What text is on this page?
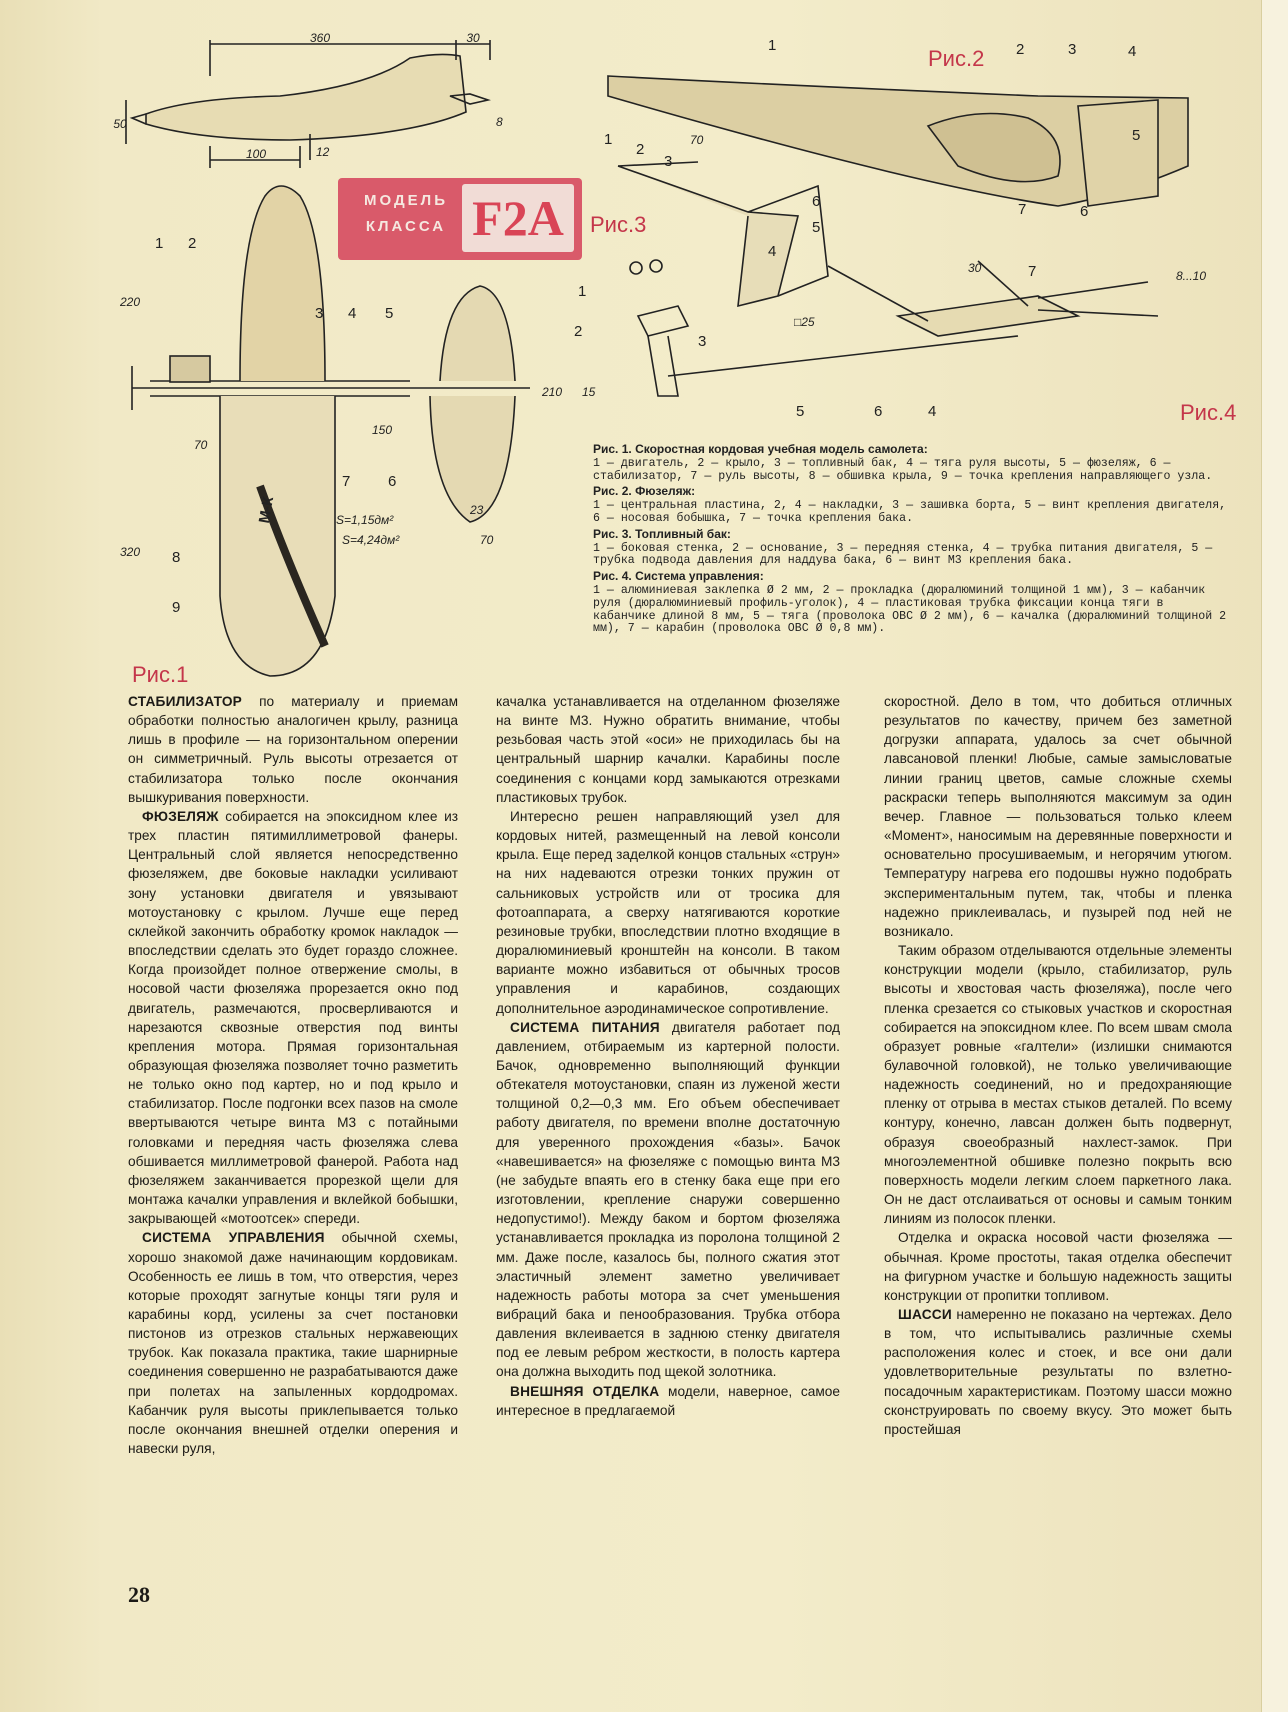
360	30
50
100	12
8
1 2
3 4 5
6
7
8
9
220
210
150
70
23
70
320
S=1,15дм²
S=4,24дм²
М-К
Рис.1
МОДЕЛЬ
КЛАССА F2A
1	2	3	4
5
6
7
Рис.2
1
2
3
4
5
6
70
□25
Рис.3
1
2
3
4
5	6
7
15
30
8...10
Рис.4

Рис. 1. Скоростная кордовая учебная модель самолета:
1 — двигатель, 2 — крыло, 3 — топливный бак, 4 — тяга руля высоты, 5 — фюзеляж, 6 — стабилизатор, 7 — руль высоты, 8 — обшивка крыла, 9 — точка крепления направляющего узла.

Рис. 2. Фюзеляж:
1 — центральная пластина, 2, 4 — накладки, 3 — зашивка борта, 5 — винт крепления двигателя, 6 — носовая бобышка, 7 — точка крепления бака.

Рис. 3. Топливный бак:
1 — боковая стенка, 2 — основание, 3 — передняя стенка, 4 — трубка питания двигателя, 5 — трубка подвода давления для наддува бака, 6 — винт М3 крепления бака.

Рис. 4. Система управления:
1 — алюминиевая заклепка Ø 2 мм, 2 — прокладка (дюралюминий толщиной 1 мм), 3 — кабанчик руля (дюралюминиевый профиль-уголок), 4 — пластиковая трубка фиксации конца тяги в кабанчике длиной 8 мм, 5 — тяга (проволока ОВС Ø 2 мм), 6 — качалка (дюралюминий толщиной 2 мм), 7 — карабин (проволока ОВС Ø 0,8 мм).

СТАБИЛИЗАТОР по материалу и приемам обработки полностью аналогичен крылу, разница лишь в профиле — на горизонтальном оперении он симметричный. Руль высоты отрезается от стабилизатора только после окончания вышкуривания поверхности.

ФЮЗЕЛЯЖ собирается на эпоксидном клее из трех пластин пятимиллиметровой фанеры. Центральный слой является непосредственно фюзеляжем, две боковые накладки усиливают зону установки двигателя и увязывают мотоустановку с крылом. Лучше еще перед склейкой закончить обработку кромок накладок — впоследствии сделать это будет гораздо сложнее. Когда произойдет полное отвержение смолы, в носовой части фюзеляжа прорезается окно под двигатель, размечаются, просверливаются и нарезаются сквозные отверстия под винты крепления мотора. Прямая горизонтальная образующая фюзеляжа позволяет точно разметить не только окно под картер, но и под крыло и стабилизатор. После подгонки всех пазов на смоле ввертываются четыре винта М3 с потайными головками и передняя часть фюзеляжа слева обшивается миллиметровой фанерой. Работа над фюзеляжем заканчивается прорезкой щели для монтажа качалки управления и вклейкой бобышки, закрывающей «мотоотсек» спереди.

СИСТЕМА УПРАВЛЕНИЯ обычной схемы, хорошо знакомой даже начинающим кордовикам. Особенность ее лишь в том, что отверстия, через которые проходят загнутые концы тяги руля и карабины корд, усилены за счет постановки пистонов из отрезков стальных нержавеющих трубок. Как показала практика, такие шарнирные соединения совершенно не разрабатываются даже при полетах на запыленных кордодромах. Кабанчик руля высоты приклепывается только после окончания внешней отделки оперения и навески руля,

качалка устанавливается на отделанном фюзеляже на винте М3. Нужно обратить внимание, чтобы резьбовая часть этой «оси» не приходилась бы на центральный шарнир качалки. Карабины после соединения с концами корд замыкаются отрезками пластиковых трубок.

Интересно решен направляющий узел для кордовых нитей, размещенный на левой консоли крыла. Еще перед заделкой концов стальных «струн» на них надеваются отрезки тонких пружин от сальниковых устройств или от тросика для фотоаппарата, а сверху натягиваются короткие резиновые трубки, впоследствии плотно входящие в дюралюминиевый кронштейн на консоли. В таком варианте можно избавиться от обычных тросов управления и карабинов, создающих дополнительное аэродинамическое сопротивление.

СИСТЕМА ПИТАНИЯ двигателя работает под давлением, отбираемым из картерной полости. Бачок, одновременно выполняющий функции обтекателя мотоустановки, спаян из луженой жести толщиной 0,2—0,3 мм. Его объем обеспечивает работу двигателя, по времени вполне достаточную для уверенного прохождения «базы». Бачок «навешивается» на фюзеляже с помощью винта М3 (не забудьте впаять его в стенку бака еще при его изготовлении, крепление снаружи совершенно недопустимо!). Между баком и бортом фюзеляжа устанавливается прокладка из поролона толщиной 2 мм. Даже после, казалось бы, полного сжатия этот эластичный элемент заметно увеличивает надежность работы мотора за счет уменьшения вибраций бака и пенообразования. Трубка отбора давления вклеивается в заднюю стенку двигателя под ее левым ребром жесткости, в полость картера она должна выходить под щекой золотника.

ВНЕШНЯЯ ОТДЕЛКА модели, наверное, самое интересное в предлагаемой

скоростной. Дело в том, что добиться отличных результатов по качеству, причем без заметной догрузки аппарата, удалось за счет обычной лавсановой пленки! Любые, самые замысловатые линии границ цветов, самые сложные схемы раскраски теперь выполняются максимум за один вечер. Главное — пользоваться только клеем «Момент», наносимым на деревянные поверхности и основательно просушиваемым, и негорячим утюгом. Температуру нагрева его подошвы нужно подобрать экспериментальным путем, так, чтобы и пленка надежно приклеивалась, и пузырей под ней не возникало.

Таким образом отделываются отдельные элементы конструкции модели (крыло, стабилизатор, руль высоты и хвостовая часть фюзеляжа), после чего пленка срезается со стыковых участков и скоростная собирается на эпоксидном клее. По всем швам смола образует ровные «галтели» (излишки снимаются булавочной головкой), не только увеличивающие надежность соединений, но и предохраняющие пленку от отрыва в местах стыков деталей. По всему контуру, конечно, лавсан должен быть подвернут, образуя своеобразный нахлест-замок. При многоэлементной обшивке полезно покрыть всю поверхность модели легким слоем паркетного лака. Он не даст отслаиваться от основы и самым тонким линиям из полосок пленки.

Отделка и окраска носовой части фюзеляжа — обычная. Кроме простоты, такая отделка обеспечит на фигурном участке и большую надежность защиты конструкции от пропитки топливом.

ШАССИ намеренно не показано на чертежах. Дело в том, что испытывались различные схемы расположения колес и стоек, и все они дали удовлетворительные результаты по взлетно-посадочным характеристикам. Поэтому шасси можно сконструировать по своему вкусу. Это может быть простейшая

28
